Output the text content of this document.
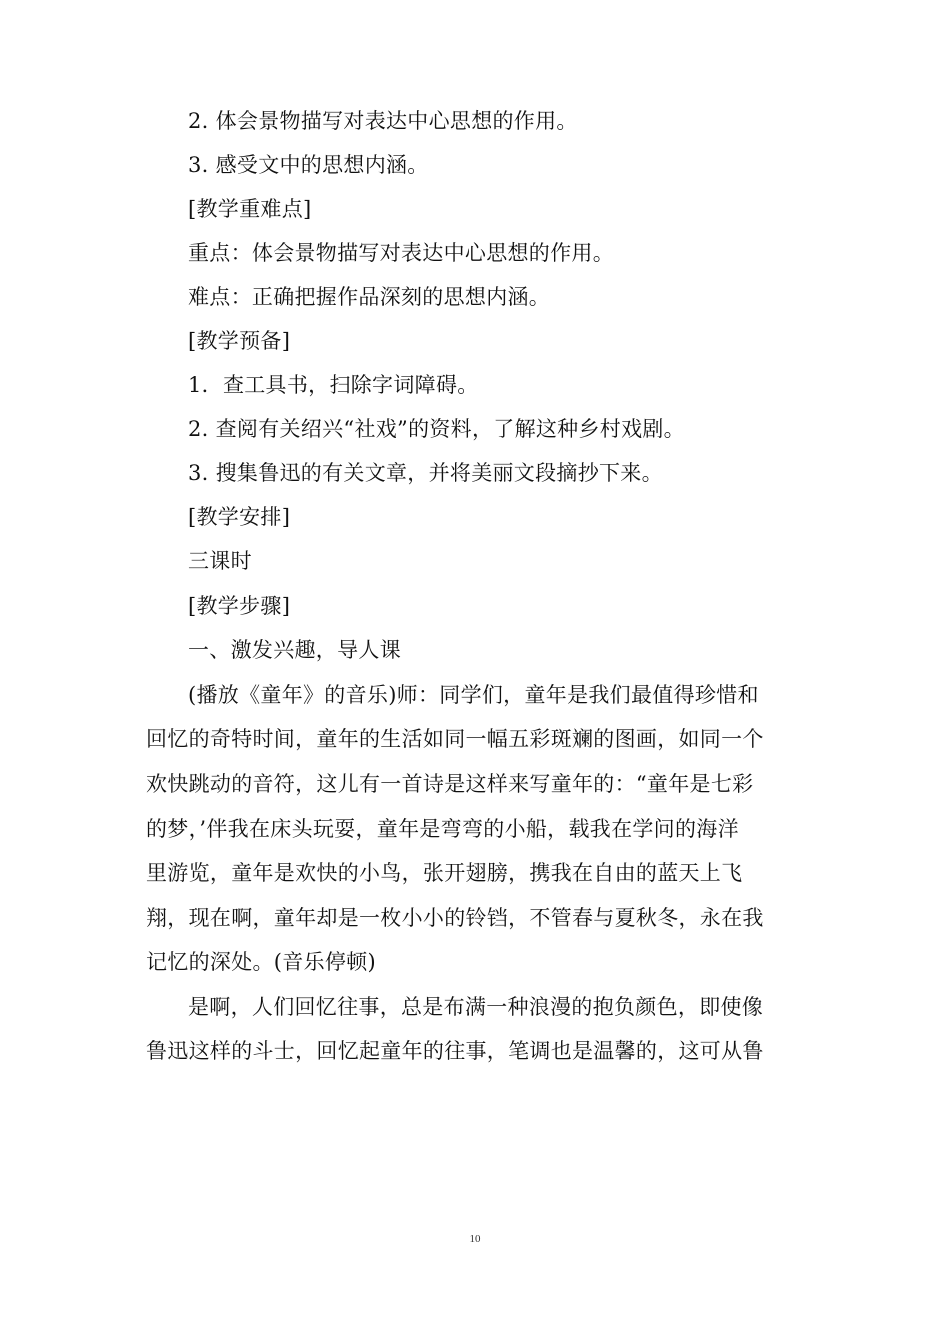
2. 体会景物描写对表达中心思想的作用。
3. 感受文中的思想内涵。
[教学重难点]
重点：体会景物描写对表达中心思想的作用。
难点：正确把握作品深刻的思想内涵。
[教学预备]
1．查工具书，扫除字词障碍。
2. 查阅有关绍兴“社戏”的资料，了解这种乡村戏剧。
3. 搜集鲁迅的有关文章，并将美丽文段摘抄下来。
[教学安排]
三课时
[教学步骤]
一、激发兴趣，导人课
(播放《童年》的音乐)师：同学们，童年是我们最值得珍惜和
回忆的奇特时间，童年的生活如同一幅五彩斑斓的图画，如同一个
欢快跳动的音符，这儿有一首诗是这样来写童年的：“童年是七彩
的梦，’伴我在床头玩耍，童年是弯弯的小船，载我在学问的海洋
里游览，童年是欢快的小鸟，张开翅膀，携我在自由的蓝天上飞
翔，现在啊，童年却是一枚小小的铃铛，不管春与夏秋冬，永在我
记忆的深处。(音乐停顿)
是啊，人们回忆往事，总是布满一种浪漫的抱负颜色，即使像
鲁迅这样的斗士，回忆起童年的往事，笔调也是温馨的，这可从鲁
10
